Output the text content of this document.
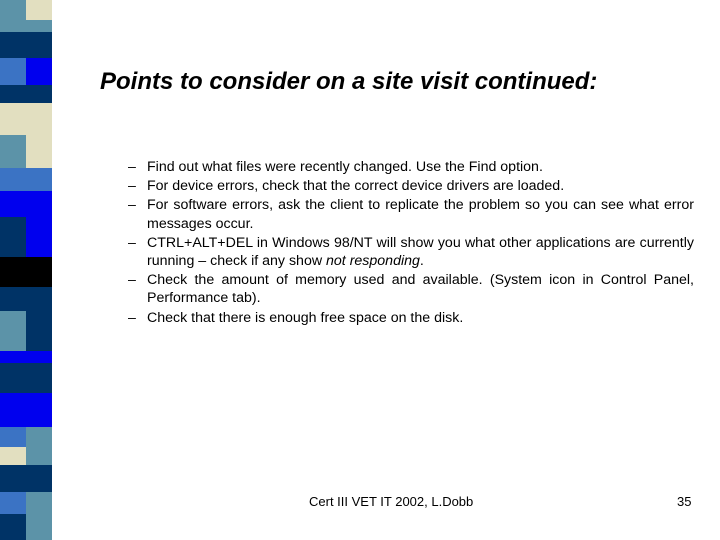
Points to consider on a site visit continued:
– Find out what files were recently changed. Use the Find option.
– For device errors, check that the correct device drivers are loaded.
– For software errors, ask the client to replicate the problem so you can see what error messages occur.
– CTRL+ALT+DEL in Windows 98/NT will show you what other applications are currently running – check if any show not responding.
– Check the amount of memory used and available. (System icon in Control Panel, Performance tab).
– Check that there is enough free space on the disk.
Cert III VET IT 2002, L.Dobb	35
